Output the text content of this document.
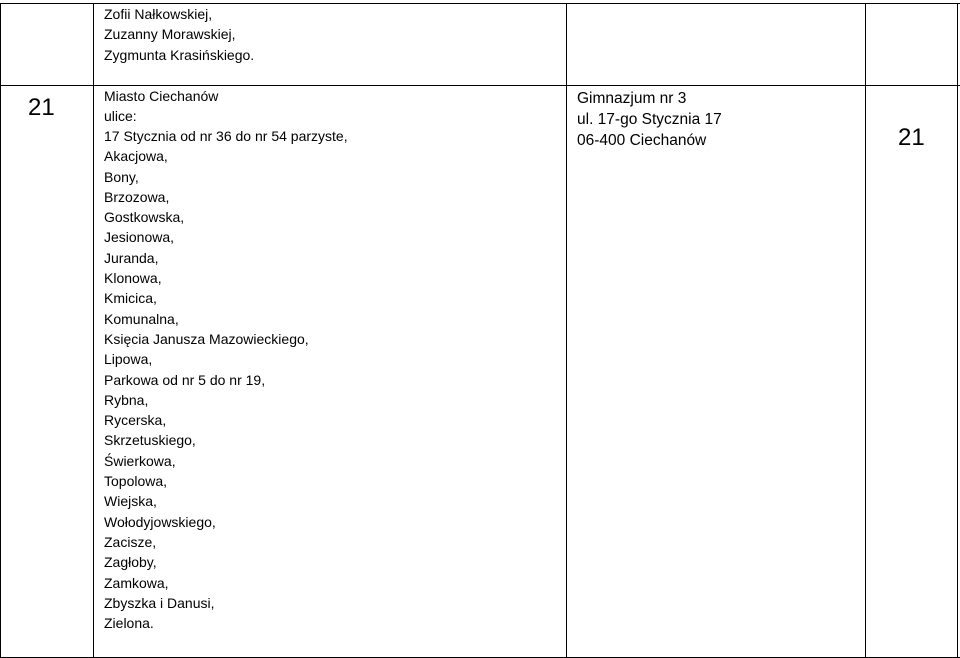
Zofii Nałkowskiej,
Zuzanny Morawskiej,
Zygmunta Krasińskiego.
21	Miasto Ciechanów
ulice:
17 Stycznia od nr 36 do nr 54 parzyste,
Akacjowa,
Bony,
Brzozowa,
Gostkowska,
Jesionowa,
Juranda,
Klonowa,
Kmicica,
Komunalna,
Księcia Janusza Mazowieckiego,
Lipowa,
Parkowa od nr 5 do nr 19,
Rybna,
Rycerska,
Skrzetuskiego,
Świerkowa,
Topolowa,
Wiejska,
Wołodyjowskiego,
Zacisze,
Zagłoby,
Zamkowa,
Zbyszka i Danusi,
Zielona.
Gimnazjum nr 3
ul. 17-go Stycznia 17
06-400 Ciechanów	21
